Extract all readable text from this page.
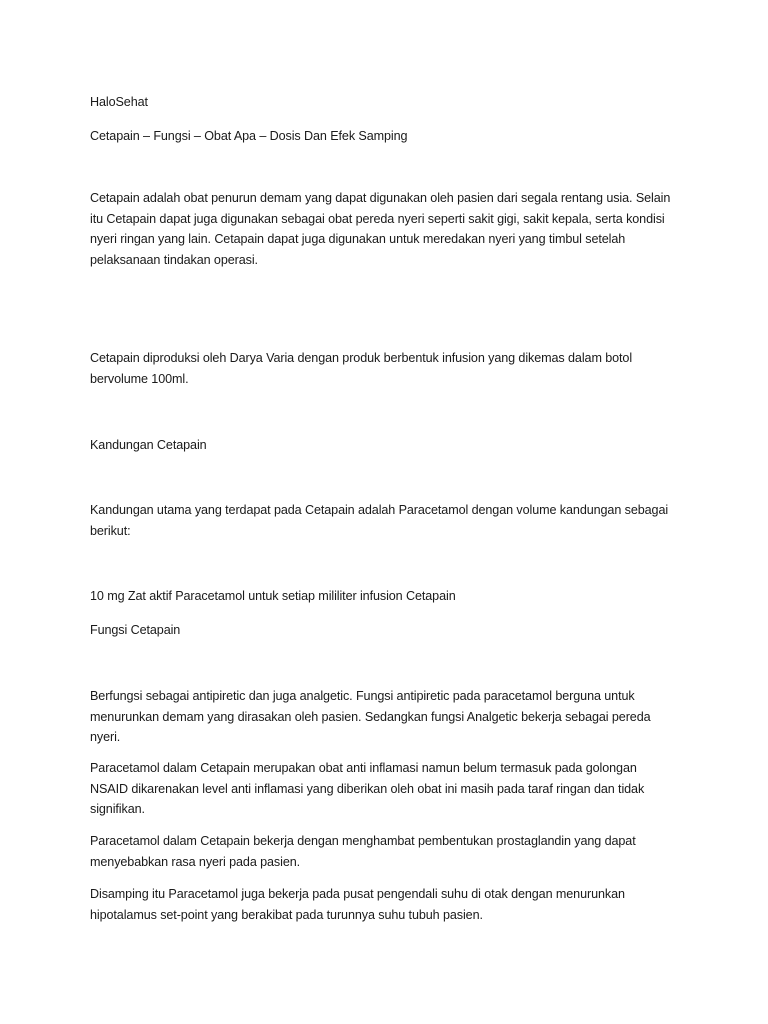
HaloSehat

Cetapain – Fungsi – Obat Apa – Dosis Dan Efek Samping

Cetapain adalah obat penurun demam yang dapat digunakan oleh pasien dari segala rentang usia. Selain
itu Cetapain dapat juga digunakan sebagai obat pereda nyeri seperti sakit gigi, sakit kepala, serta kondisi
nyeri ringan yang lain. Cetapain dapat juga digunakan untuk meredakan nyeri yang timbul setelah
pelaksanaan tindakan operasi.

Cetapain diproduksi oleh Darya Varia dengan produk berbentuk infusion yang dikemas dalam botol
bervolume 100ml.

Kandungan Cetapain

Kandungan utama yang terdapat pada Cetapain adalah Paracetamol dengan volume kandungan sebagai
berikut:

10 mg Zat aktif Paracetamol untuk setiap mililiter infusion Cetapain

Fungsi Cetapain

Berfungsi sebagai antipiretic dan juga analgetic. Fungsi antipiretic pada paracetamol berguna untuk
menurunkan demam yang dirasakan oleh pasien. Sedangkan fungsi Analgetic bekerja sebagai pereda
nyeri.

Paracetamol dalam Cetapain merupakan obat anti inflamasi namun belum termasuk pada golongan
NSAID dikarenakan level anti inflamasi yang diberikan oleh obat ini masih pada taraf ringan dan tidak
signifikan.

Paracetamol dalam Cetapain bekerja dengan menghambat pembentukan prostaglandin yang dapat
menyebabkan rasa nyeri pada pasien.

Disamping itu Paracetamol juga bekerja pada pusat pengendali suhu di otak dengan menurunkan
hipotalamus set-point yang berakibat pada turunnya suhu tubuh pasien.
